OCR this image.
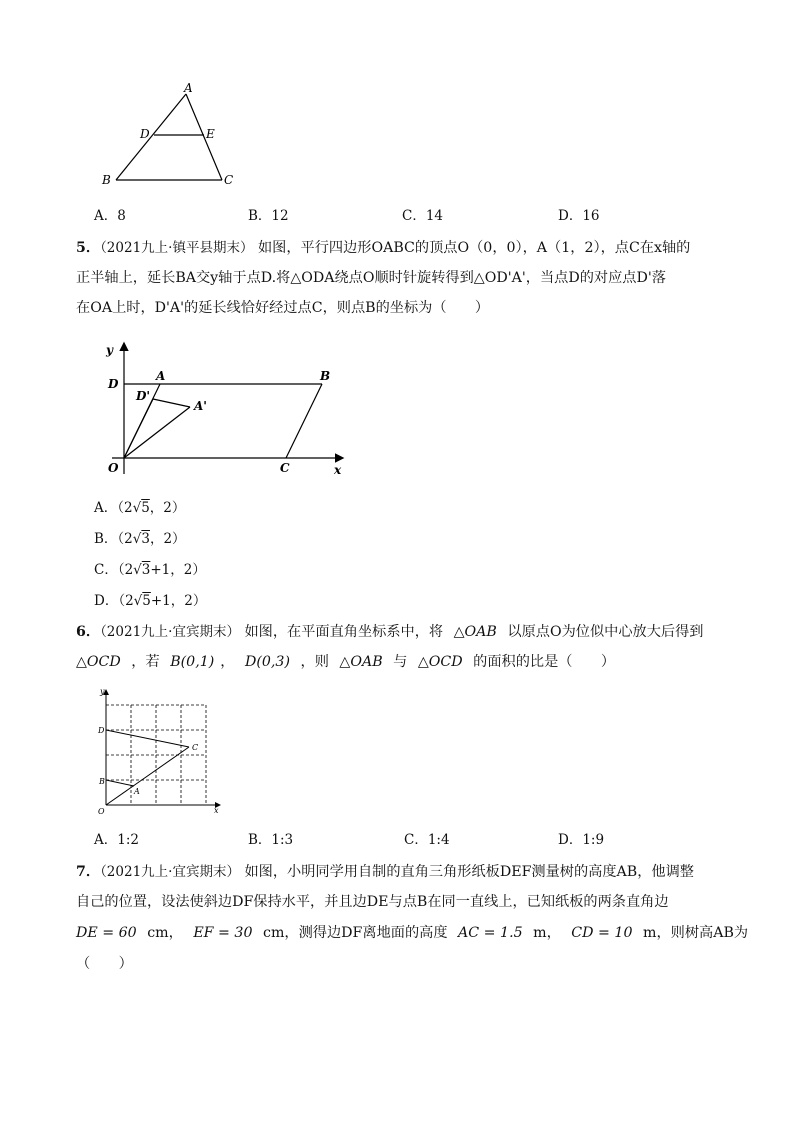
A
D	E
B	C
A．8	B．12	C．14	D．16
5．（2021九上·镇平县期末） 如图，平行四边形OABC的顶点O（0，0），A（1，2），点C在x轴的
正半轴上，延长BA交y轴于点D.将△ODA绕点O顺时针旋转得到△OD'A'，当点D的对应点D'落
在OA上时，D'A'的延长线恰好经过点C，则点B的坐标为（　　）
y
x
D
A	B
D'
A'
O	C
A．（2√5，2）
B．（2√3，2）
C．（2√3+1，2）
D．（2√5+1，2）
6．（2021九上·宜宾期末） 如图，在平面直角坐标系中，将 △OAB 以原点O为位似中心放大后得到
△OCD ，若 B(0,1) ， D(0,3) ，则 △OAB 与 △OCD 的面积的比是（　　）
y
x
D
C
B
A
O
A．1:2	B．1:3	C．1:4	D．1:9
7．（2021九上·宜宾期末） 如图，小明同学用自制的直角三角形纸板DEF测量树的高度AB，他调整
自己的位置，设法使斜边DF保持水平，并且边DE与点B在同一直线上，已知纸板的两条直角边
DE = 60 cm， EF = 30 cm，测得边DF离地面的高度 AC = 1.5 m， CD = 10 m，则树高AB为
（　　）
